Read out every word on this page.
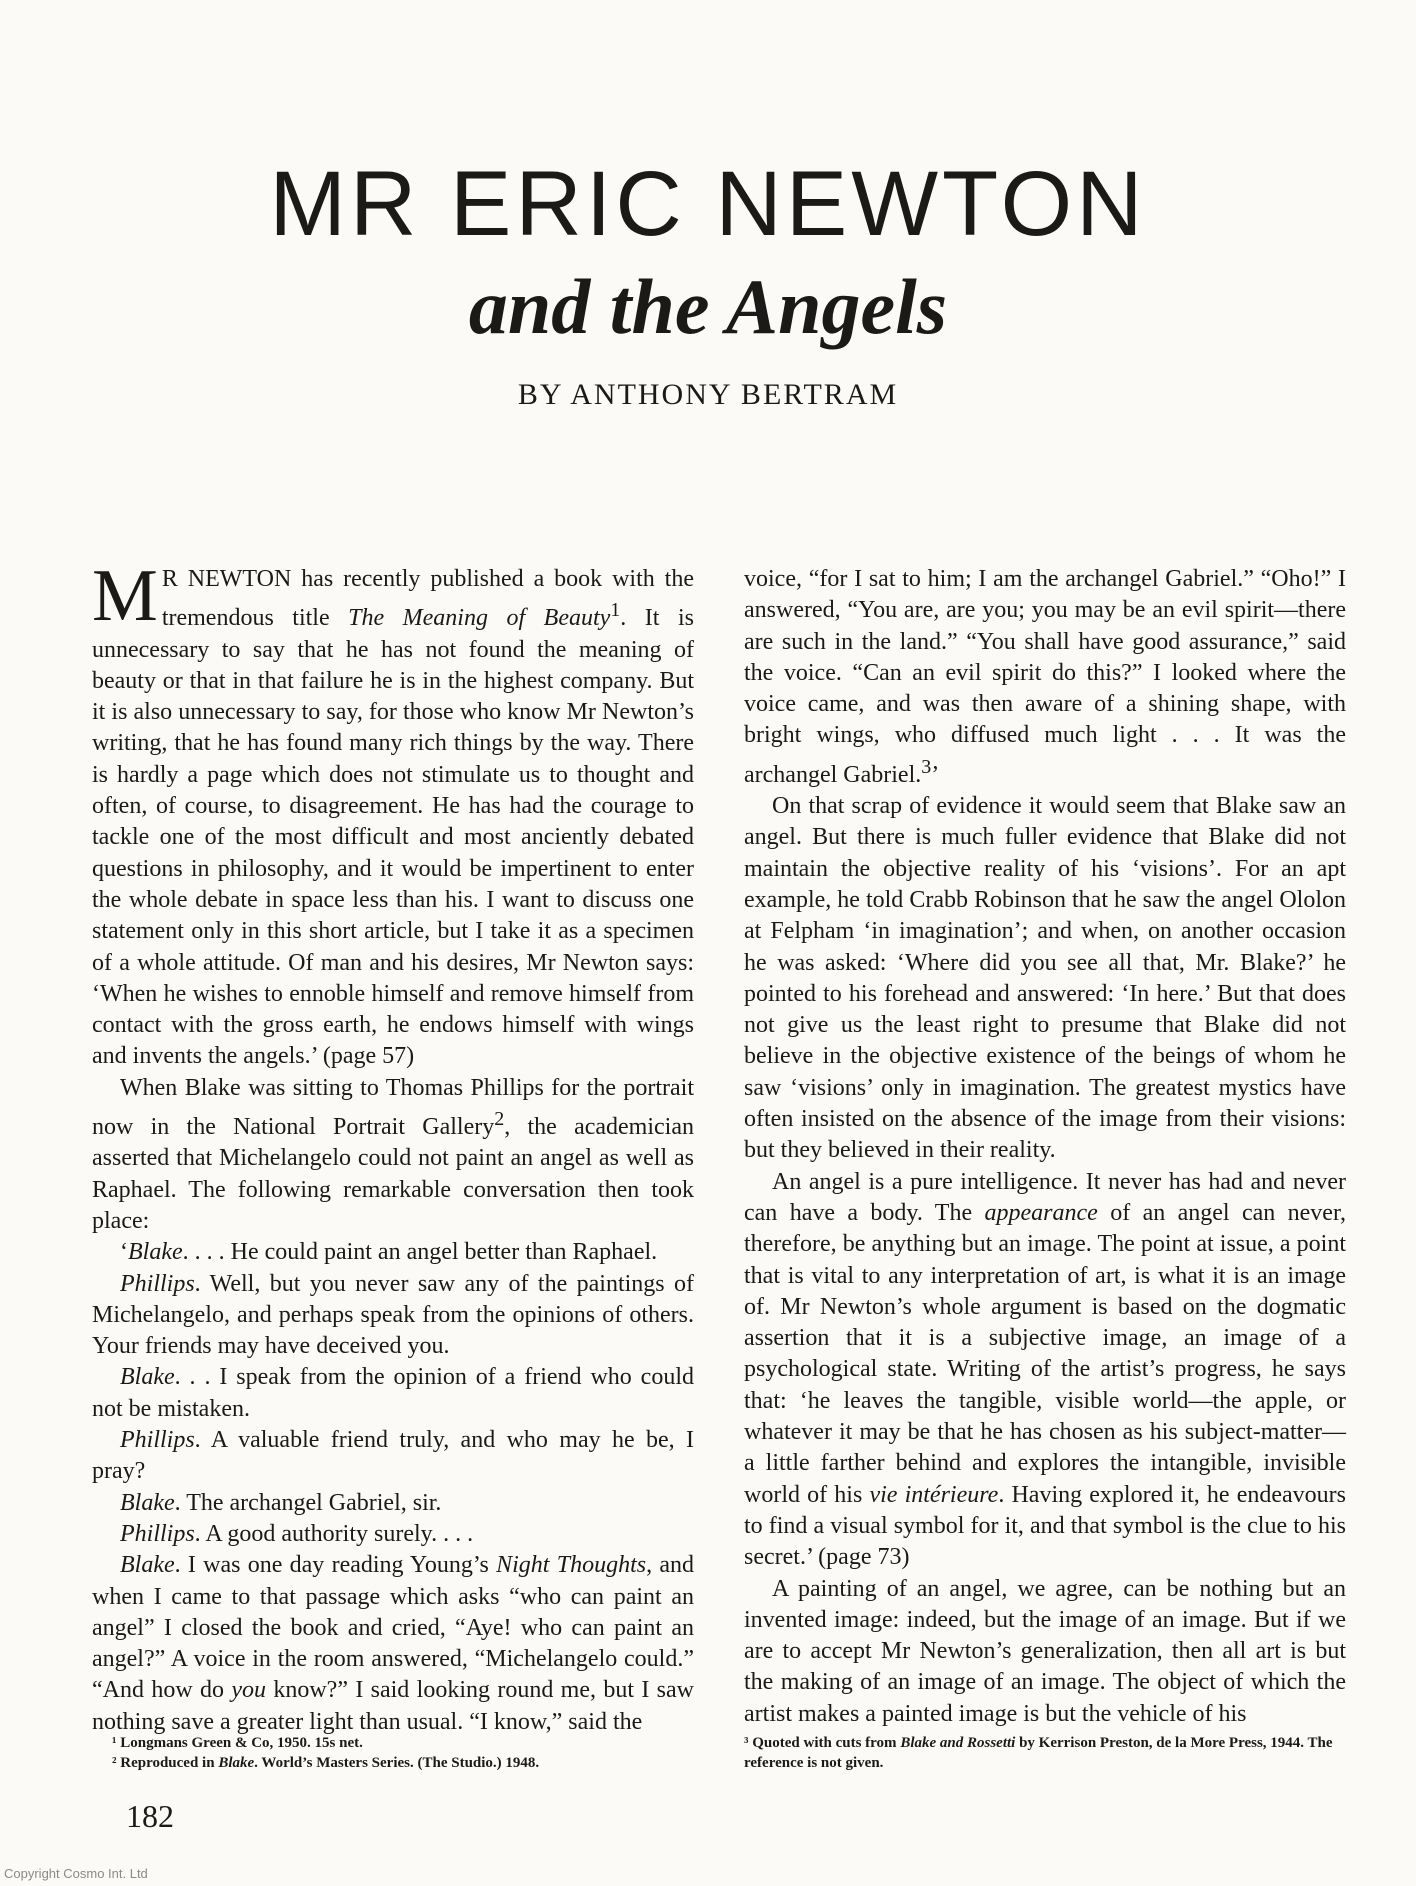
MR ERIC NEWTON
and the Angels
BY ANTHONY BERTRAM

M R NEWTON has recently published a book with the tremendous title The Meaning of Beauty$^1$. It is unnecessary to say that he has not found the meaning of beauty or that in that failure he is in the highest company. But it is also unnecessary to say, for those who know Mr Newton’s writing, that he has found many rich things by the way. There is hardly a page which does not stimulate us to thought and often, of course, to disagreement. He has had the courage to tackle one of the most difficult and most anciently debated questions in philosophy, and it would be impertinent to enter the whole debate in space less than his. I want to discuss one statement only in this short article, but I take it as a specimen of a whole attitude. Of man and his desires, Mr Newton says: ‘When he wishes to ennoble himself and remove himself from contact with the gross earth, he endows himself with wings and invents the angels.’ (page 57)

When Blake was sitting to Thomas Phillips for the portrait now in the National Portrait Gallery$^2$, the academician asserted that Michelangelo could not paint an angel as well as Raphael. The following remarkable conversation then took place:

‘Blake. . . . He could paint an angel better than Raphael.

Phillips. Well, but you never saw any of the paintings of Michelangelo, and perhaps speak from the opinions of others. Your friends may have deceived you.

Blake. . . I speak from the opinion of a friend who could not be mistaken.

Phillips. A valuable friend truly, and who may he be, I pray?

Blake. The archangel Gabriel, sir.

Phillips. A good authority surely. . . .

Blake. I was one day reading Young’s Night Thoughts, and when I came to that passage which asks “who can paint an angel” I closed the book and cried, “Aye! who can paint an angel?” A voice in the room answered, “Michelangelo could.” “And how do you know?” I said looking round me, but I saw nothing save a greater light than usual. “I know,” said the

voice, “for I sat to him; I am the archangel Gabriel.” “Oho!” I answered, “You are, are you; you may be an evil spirit—there are such in the land.” “You shall have good assurance,” said the voice. “Can an evil spirit do this?” I looked where the voice came, and was then aware of a shining shape, with bright wings, who diffused much light . . . It was the archangel Gabriel.$^3$’

On that scrap of evidence it would seem that Blake saw an angel. But there is much fuller evidence that Blake did not maintain the objective reality of his ‘visions’. For an apt example, he told Crabb Robinson that he saw the angel Ololon at Felpham ‘in imagination’; and when, on another occasion he was asked: ‘Where did you see all that, Mr. Blake?’ he pointed to his forehead and answered: ‘In here.’ But that does not give us the least right to presume that Blake did not believe in the objective existence of the beings of whom he saw ‘visions’ only in imagination. The greatest mystics have often insisted on the absence of the image from their visions: but they believed in their reality.

An angel is a pure intelligence. It never has had and never can have a body. The appearance of an angel can never, therefore, be anything but an image. The point at issue, a point that is vital to any interpretation of art, is what it is an image of. Mr Newton’s whole argument is based on the dogmatic assertion that it is a subjective image, an image of a psychological state. Writing of the artist’s progress, he says that: ‘he leaves the tangible, visible world—the apple, or whatever it may be that he has chosen as his subject-matter—a little farther behind and explores the intangible, invisible world of his vie intérieure. Having explored it, he endeavours to find a visual symbol for it, and that symbol is the clue to his secret.’ (page 73)

A painting of an angel, we agree, can be nothing but an invented image: indeed, but the image of an image. But if we are to accept Mr Newton’s generalization, then all art is but the making of an image of an image. The object of which the artist makes a painted image is but the vehicle of his

¹ Longmans Green & Co, 1950. 15s net.
² Reproduced in Blake. World’s Masters Series. (The Studio.) 1948.
³ Quoted with cuts from Blake and Rossetti by Kerrison Preston, de la More Press, 1944. The reference is not given.
182
Copyright Cosmo Int. Ltd
